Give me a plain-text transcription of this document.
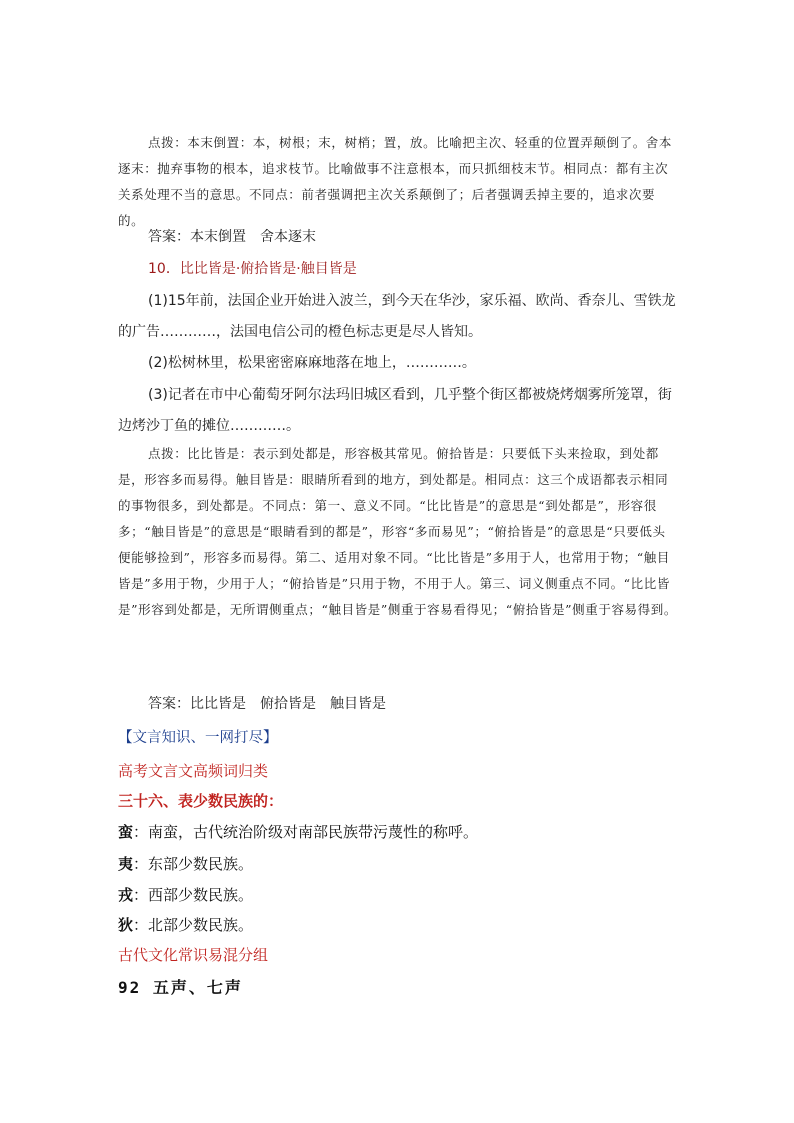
点拨：本末倒置：本，树根；末，树梢；置，放。比喻把主次、轻重的位置弄颠倒了。舍本逐末：抛弃事物的根本，追求枝节。比喻做事不注意根本，而只抓细枝末节。相同点：都有主次关系处理不当的意思。不同点：前者强调把主次关系颠倒了；后者强调丢掉主要的，追求次要的。
答案：本末倒置　舍本逐末
10．比比皆是·俯拾皆是·触目皆是
(1)15年前，法国企业开始进入波兰，到今天在华沙，家乐福、欧尚、香奈儿、雪铁龙的广告…………，法国电信公司的橙色标志更是尽人皆知。
(2)松树林里，松果密密麻麻地落在地上，…………。
(3)记者在市中心葡萄牙阿尔法玛旧城区看到，几乎整个街区都被烧烤烟雾所笼罩，街边烤沙丁鱼的摊位…………。
点拨：比比皆是：表示到处都是，形容极其常见。俯拾皆是：只要低下头来捡取，到处都是，形容多而易得。触目皆是：眼睛所看到的地方，到处都是。相同点：这三个成语都表示相同的事物很多，到处都是。不同点：第一、意义不同。“比比皆是”的意思是“到处都是”，形容很多；“触目皆是”的意思是“眼睛看到的都是”，形容“多而易见”；“俯拾皆是”的意思是“只要低头便能够捡到”，形容多而易得。第二、适用对象不同。“比比皆是”多用于人，也常用于物；“触目皆是”多用于物，少用于人；“俯拾皆是”只用于物，不用于人。第三、词义侧重点不同。“比比皆是”形容到处都是，无所谓侧重点；“触目皆是”侧重于容易看得见；“俯拾皆是”侧重于容易得到。
答案：比比皆是　俯拾皆是　触目皆是
【文言知识、一网打尽】
高考文言文高频词归类
三十六、表少数民族的：
蛮：南蛮，古代统治阶级对南部民族带污蔑性的称呼。
夷：东部少数民族。
戎：西部少数民族。
狄：北部少数民族。
古代文化常识易混分组
92 五声、七声
